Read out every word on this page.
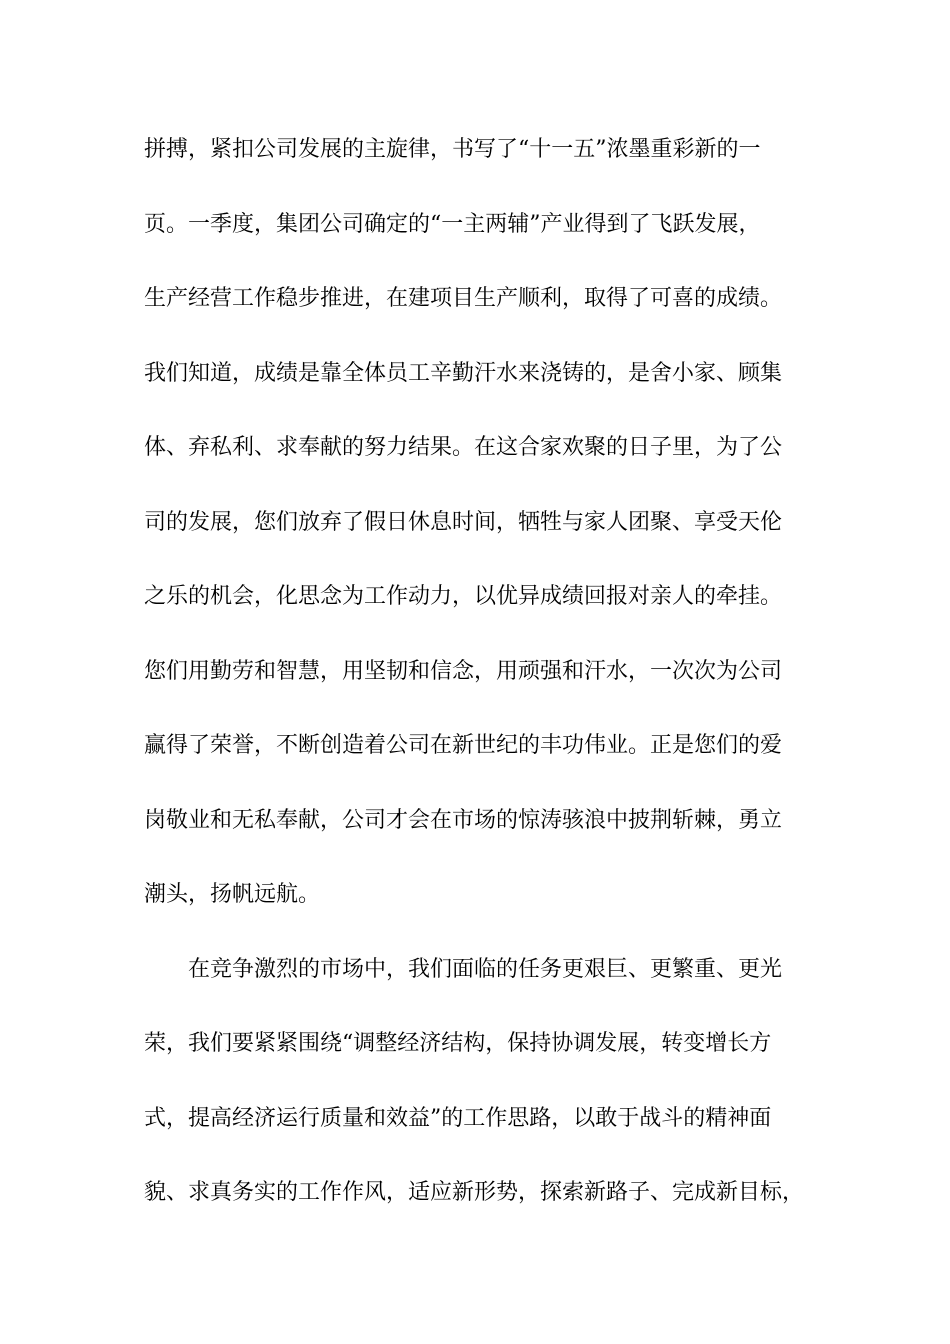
拼搏，紧扣公司发展的主旋律，书写了“十一五”浓墨重彩新的一
页。一季度，集团公司确定的“一主两辅”产业得到了飞跃发展，
生产经营工作稳步推进，在建项目生产顺利，取得了可喜的成绩。
我们知道，成绩是靠全体员工辛勤汗水来浇铸的，是舍小家、顾集
体、弃私利、求奉献的努力结果。在这合家欢聚的日子里，为了公
司的发展，您们放弃了假日休息时间，牺牲与家人团聚、享受天伦
之乐的机会，化思念为工作动力，以优异成绩回报对亲人的牵挂。
您们用勤劳和智慧，用坚韧和信念，用顽强和汗水，一次次为公司
赢得了荣誉，不断创造着公司在新世纪的丰功伟业。正是您们的爱
岗敬业和无私奉献，公司才会在市场的惊涛骇浪中披荆斩棘，勇立
潮头，扬帆远航。
在竞争激烈的市场中，我们面临的任务更艰巨、更繁重、更光
荣，我们要紧紧围绕“调整经济结构，保持协调发展，转变增长方
式，提高经济运行质量和效益”的工作思路，以敢于战斗的精神面
貌、求真务实的工作作风，适应新形势，探索新路子、完成新目标，
